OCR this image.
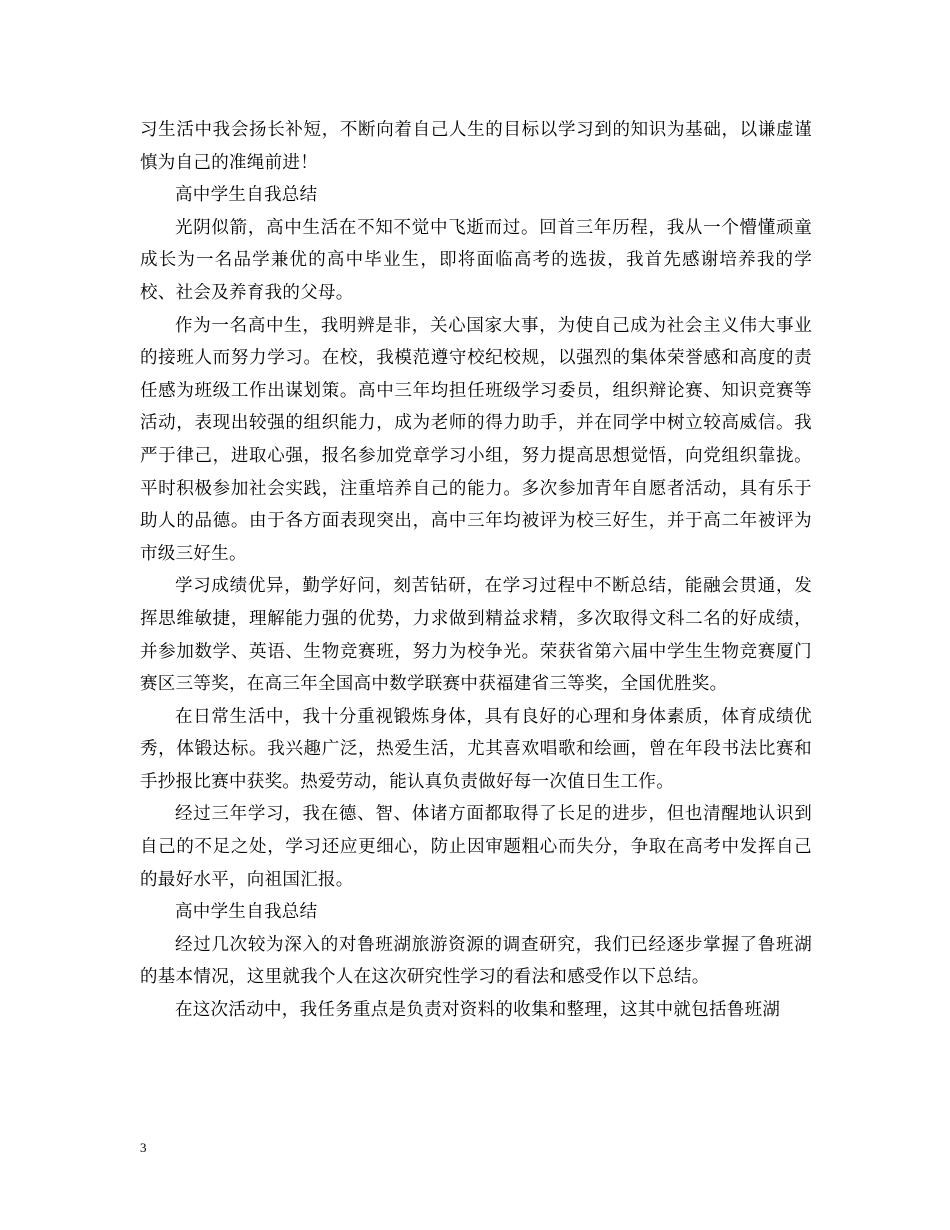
习生活中我会扬长补短，不断向着自己人生的目标以学习到的知识为基础，以谦虚谨慎为自己的准绳前进！

高中学生自我总结

光阴似箭，高中生活在不知不觉中飞逝而过。回首三年历程，我从一个懵懂顽童成长为一名品学兼优的高中毕业生，即将面临高考的选拔，我首先感谢培养我的学校、社会及养育我的父母。

作为一名高中生，我明辨是非，关心国家大事，为使自己成为社会主义伟大事业的接班人而努力学习。在校，我模范遵守校纪校规，以强烈的集体荣誉感和高度的责任感为班级工作出谋划策。高中三年均担任班级学习委员，组织辩论赛、知识竞赛等活动，表现出较强的组织能力，成为老师的得力助手，并在同学中树立较高威信。我严于律己，进取心强，报名参加党章学习小组，努力提高思想觉悟，向党组织靠拢。平时积极参加社会实践，注重培养自己的能力。多次参加青年自愿者活动，具有乐于助人的品德。由于各方面表现突出，高中三年均被评为校三好生，并于高二年被评为市级三好生。

学习成绩优异，勤学好问，刻苦钻研，在学习过程中不断总结，能融会贯通，发挥思维敏捷，理解能力强的优势，力求做到精益求精，多次取得文科二名的好成绩，并参加数学、英语、生物竞赛班，努力为校争光。荣获省第六届中学生生物竞赛厦门赛区三等奖，在高三年全国高中数学联赛中获福建省三等奖，全国优胜奖。

在日常生活中，我十分重视锻炼身体，具有良好的心理和身体素质，体育成绩优秀，体锻达标。我兴趣广泛，热爱生活，尤其喜欢唱歌和绘画，曾在年段书法比赛和手抄报比赛中获奖。热爱劳动，能认真负责做好每一次值日生工作。

经过三年学习，我在德、智、体诸方面都取得了长足的进步，但也清醒地认识到自己的不足之处，学习还应更细心，防止因审题粗心而失分，争取在高考中发挥自己的最好水平，向祖国汇报。

高中学生自我总结

经过几次较为深入的对鲁班湖旅游资源的调查研究，我们已经逐步掌握了鲁班湖的基本情况，这里就我个人在这次研究性学习的看法和感受作以下总结。

在这次活动中，我任务重点是负责对资料的收集和整理，这其中就包括鲁班湖

3
